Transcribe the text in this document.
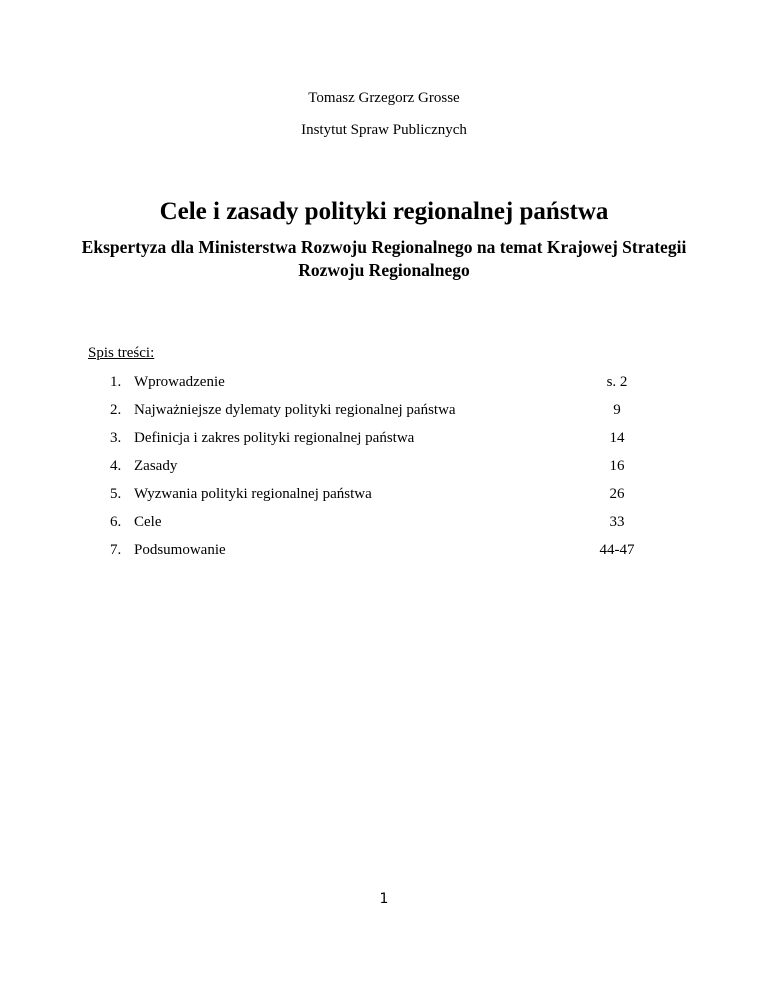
Tomasz Grzegorz Grosse
Instytut Spraw Publicznych
Cele i zasady polityki regionalnej państwa
Ekspertyza dla Ministerstwa Rozwoju Regionalnego na temat Krajowej Strategii Rozwoju Regionalnego
Spis treści:
1. Wprowadzenie	s. 2
2. Najważniejsze dylematy polityki regionalnej państwa	9
3. Definicja i zakres polityki regionalnej państwa	14
4. Zasady	16
5. Wyzwania polityki regionalnej państwa	26
6. Cele	33
7. Podsumowanie	44-47
1
